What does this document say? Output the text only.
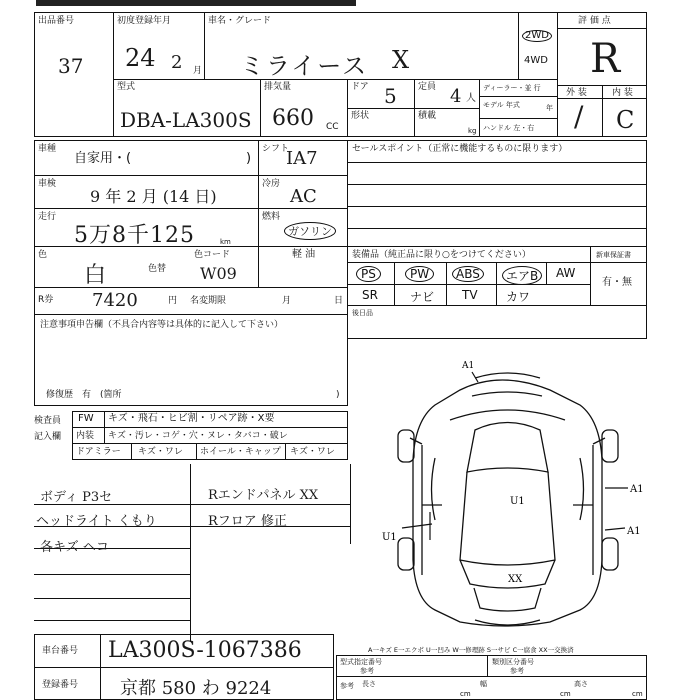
出品番号
37
初度登録年月
24 2 月
車名・グレード
ミライース X
2WD
4WD
評 価 点
R
型式
DBA-LA300S
排気量
660 CC
ドア 5 定員 4 人
形状	積載
kg
ディーラー・並 行
モデル 年式	年
ハンドル 左・右
外 装	内 装
/ C
車種
自家用・(	)
シフト
IA7
車検
9 年 2 月 (14 日)
冷房
AC
走行
5万8千125	km
燃料
ガソリン
軽 油
色
白	色替
色コード
W09
R券 7420	円 名変期限	月	日
セールスポイント（正常に機能するものに限ります）
装備品（純正品に限り○をつけてください）	新車保証書
PS	PW	ABS	エアB	AW
SR	ナビ TV カワ
有・無
後日品
注意事項申告欄（不具合内容等は具体的に記入して下さい）
修復歴　有　(箇所	)
検査員
記入欄
FW キズ・飛石・ヒビ割・リペア跡・X要
内装 キズ・汚レ・コゲ・穴・ヌレ・タバコ・破レ
ドアミラー キズ・ワレ ホイール・キャップ キズ・ワレ
ボディ P3セ
ヘッドライト くもり
各キズ ヘコ
Rエンドパネル XX
Rフロア 修正
A1
A1
A1
U1
U1
XX
A一キズ E一エクボ U一凹み W一修理跡 S一サビ C一腐食 XX一交換済
車台番号 LA300S-1067386
登録番号 京都 580 わ 9224
型式指定番号
参考
類別区分番号
参考
参考 長さ
cm
幅
cm
高さ
cm
